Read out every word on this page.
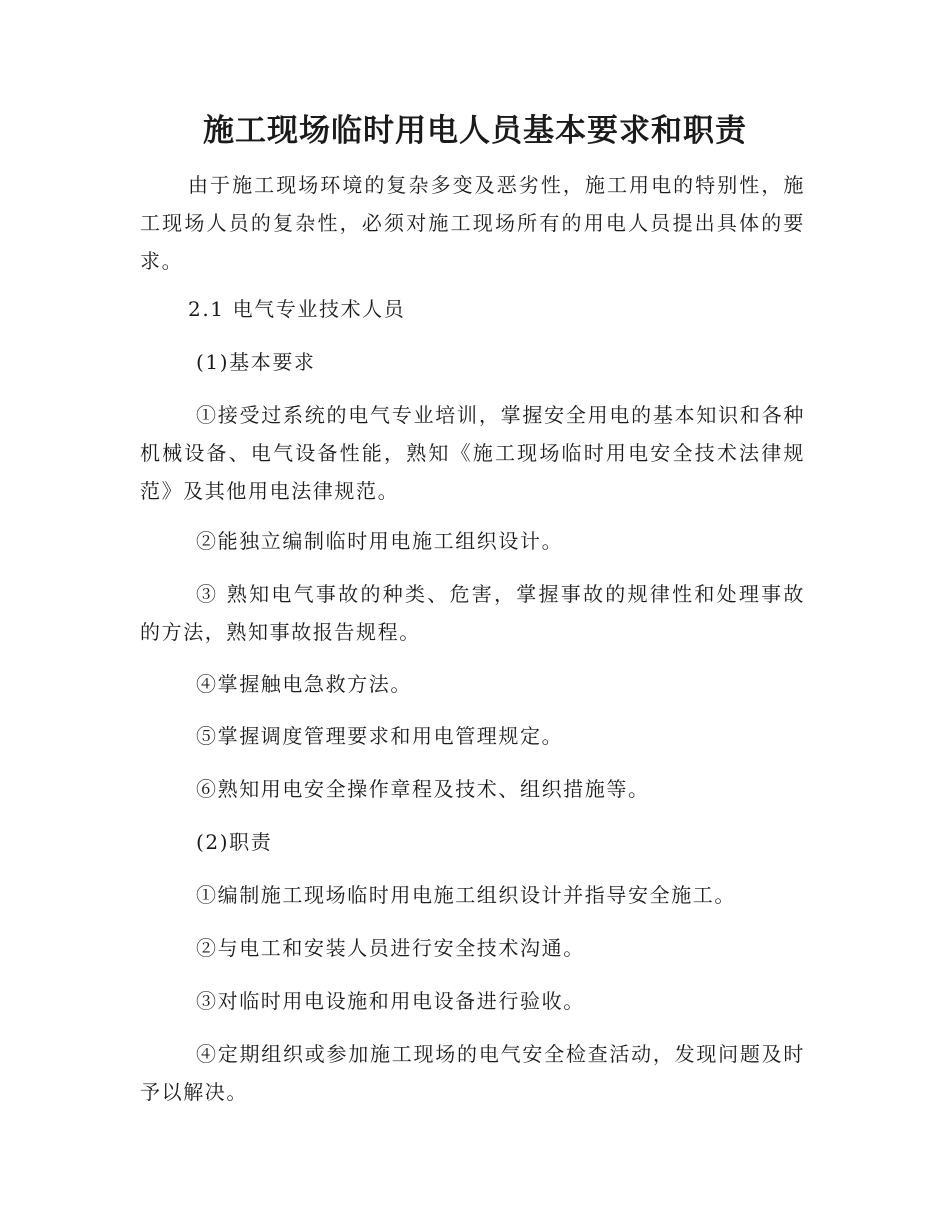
施工现场临时用电人员基本要求和职责
由于施工现场环境的复杂多变及恶劣性，施工用电的特别性，施工现场人员的复杂性，必须对施工现场所有的用电人员提出具体的要求。
2.1 电气专业技术人员
(1)基本要求
①接受过系统的电气专业培训，掌握安全用电的基本知识和各种机械设备、电气设备性能，熟知《施工现场临时用电安全技术法律规范》及其他用电法律规范。
②能独立编制临时用电施工组织设计。
③ 熟知电气事故的种类、危害，掌握事故的规律性和处理事故的方法，熟知事故报告规程。
④掌握触电急救方法。
⑤掌握调度管理要求和用电管理规定。
⑥熟知用电安全操作章程及技术、组织措施等。
(2)职责
①编制施工现场临时用电施工组织设计并指导安全施工。
②与电工和安装人员进行安全技术沟通。
③对临时用电设施和用电设备进行验收。
④定期组织或参加施工现场的电气安全检查活动，发现问题及时予以解决。
